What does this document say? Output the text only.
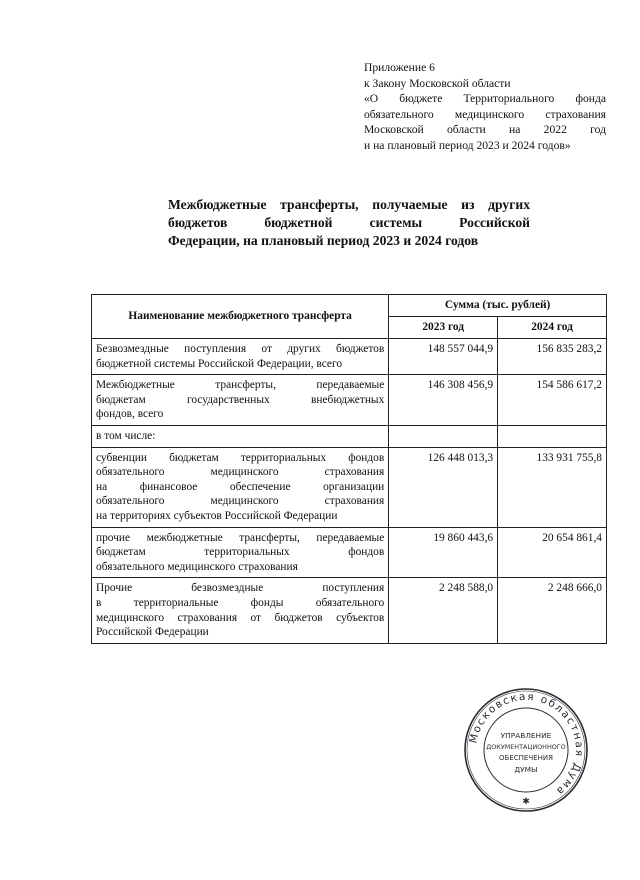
Приложение 6
к Закону Московской области
«О бюджете Территориального фонда
обязательного медицинского страхования
Московской области на 2022 год
и на плановый период 2023 и 2024 годов»
Межбюджетные трансферты, получаемые из других
бюджетов бюджетной системы Российской
Федерации, на плановый период 2023 и 2024 годов
Наименование межбюджетного трансферта	Сумма (тыс. рублей)	
	2023 год	2024 год

Безвозмездные поступления от других бюджетов
бюджетной системы Российской Федерации, всего	148 557 044,9	156 835 283,2

Межбюджетные трансферты, передаваемые
бюджетам государственных внебюджетных
фондов, всего	146 308 456,9	154 586 617,2

в том числе:		

субвенции бюджетам территориальных фондов
обязательного медицинского страхования
на финансовое обеспечение организации
обязательного медицинского страхования
на территориях субъектов Российской Федерации	126 448 013,3	133 931 755,8

прочие межбюджетные трансферты, передаваемые
бюджетам территориальных фондов
обязательного медицинского страхования	19 860 443,6	20 654 861,4

Прочие безвозмездные поступления
в территориальные фонды обязательного
медицинского страхования от бюджетов субъектов
Российской Федерации	2 248 588,0	2 248 666,0
Московская областная Дума
УПРАВЛЕНИЕ
ДОКУМЕНТАЦИОННОГО
ОБЕСПЕЧЕНИЯ
ДУМЫ
✱
